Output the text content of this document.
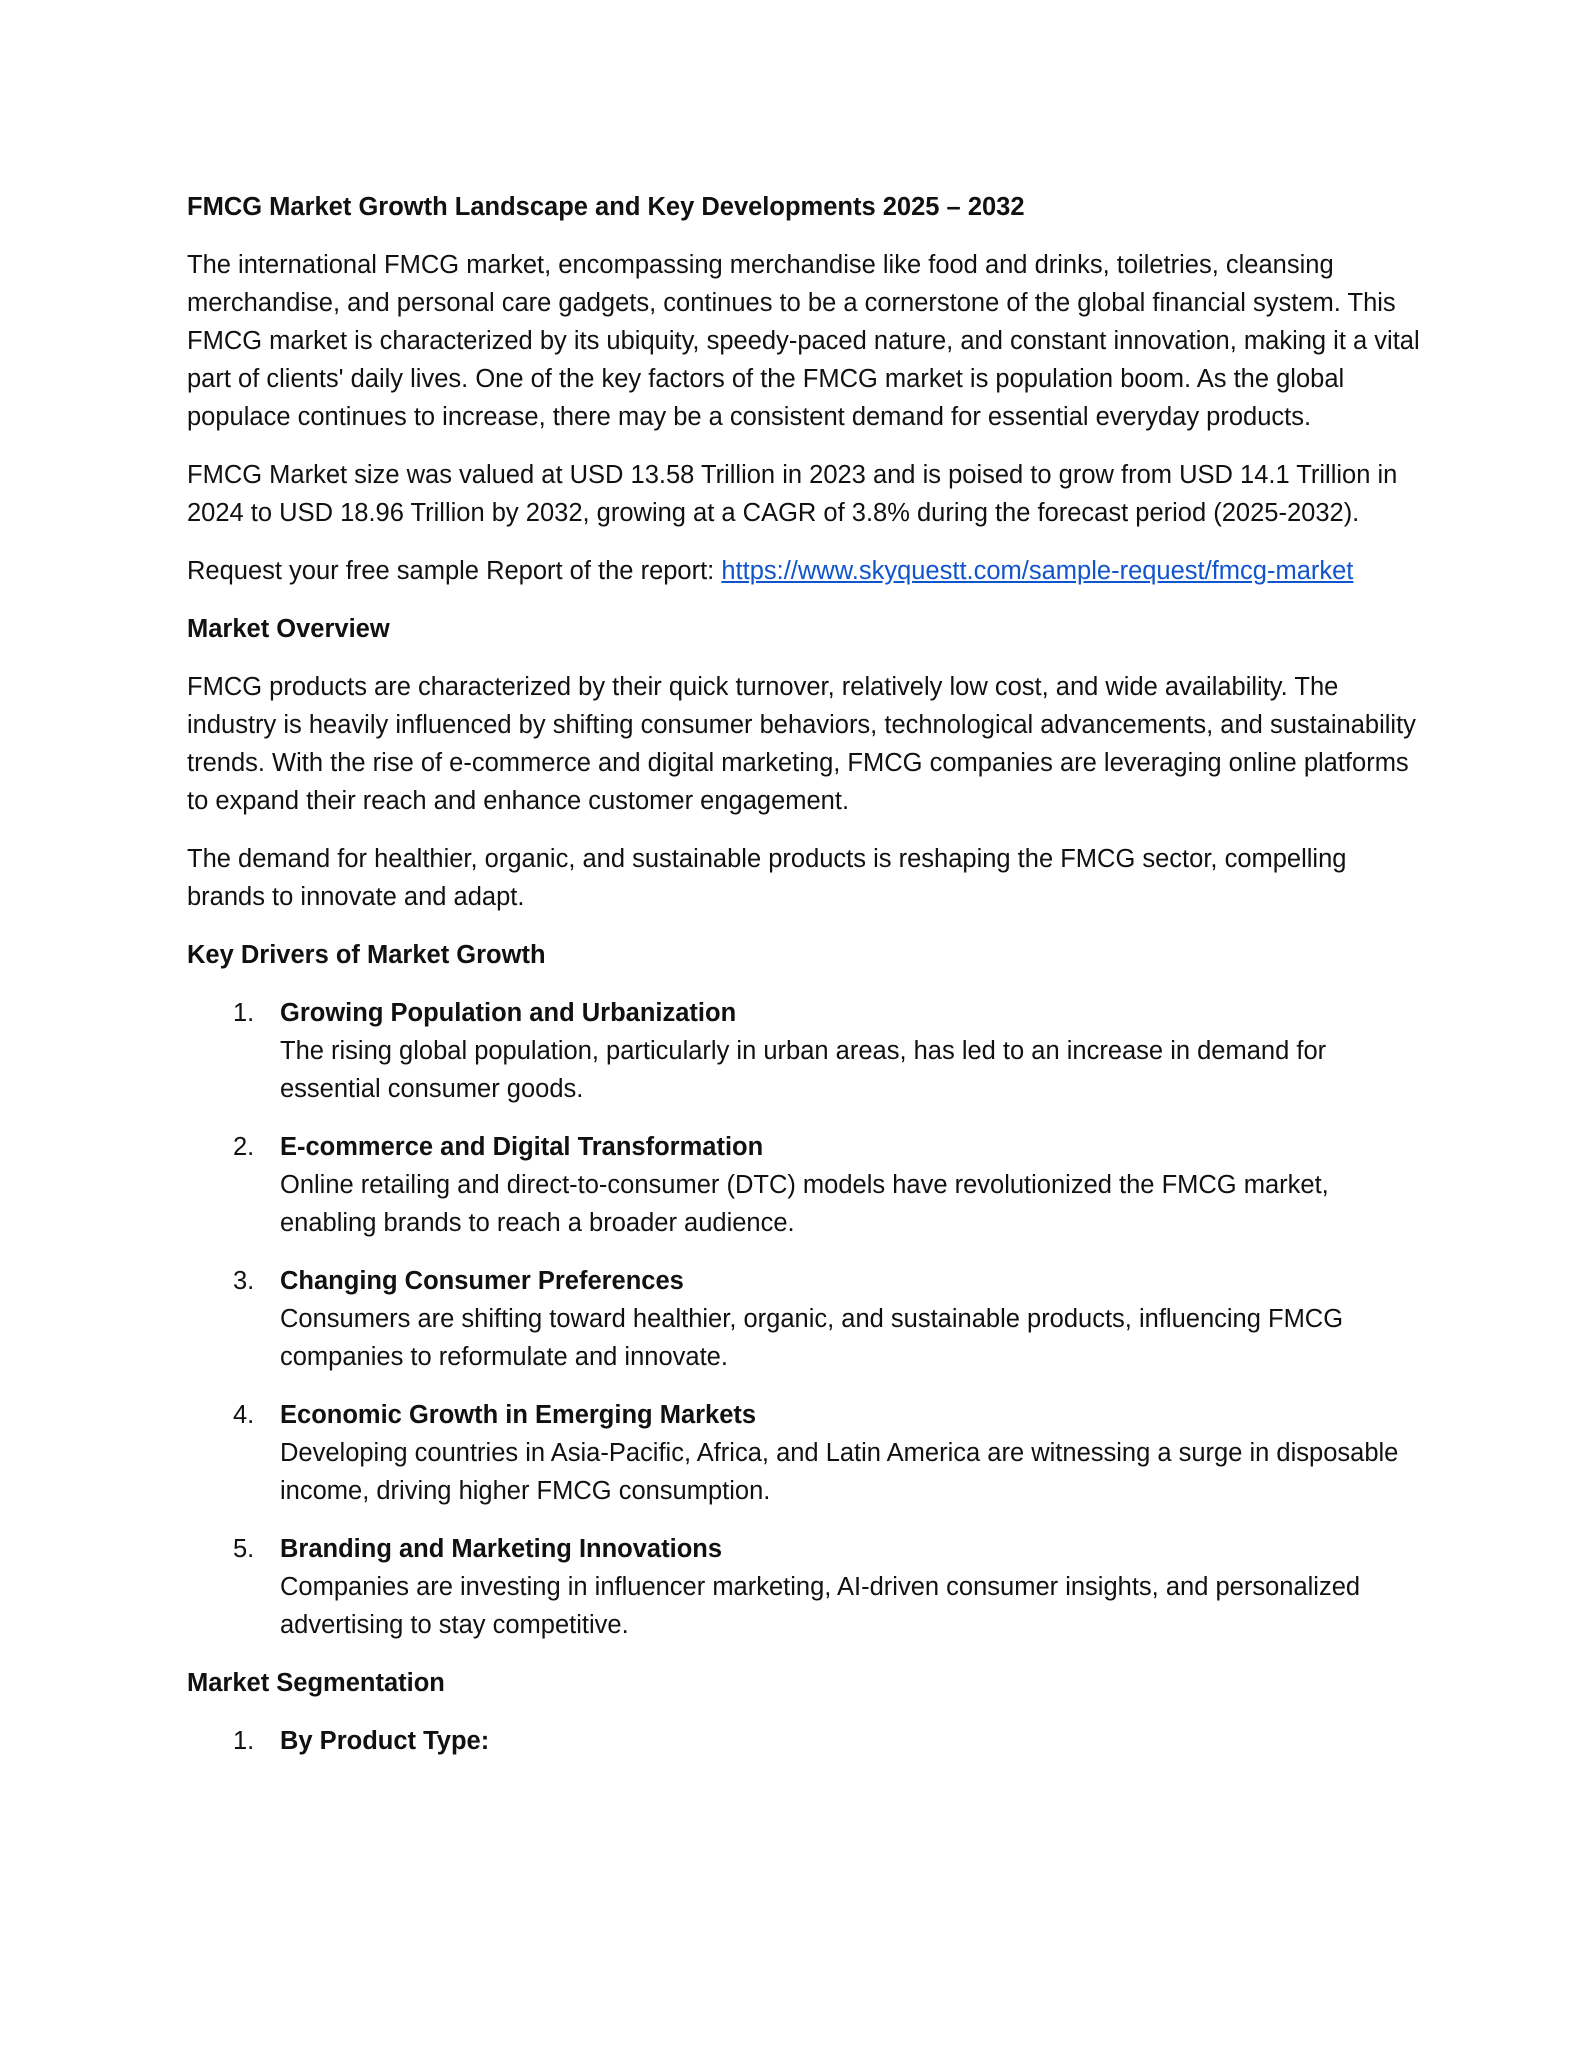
FMCG Market Growth Landscape and Key Developments 2025 – 2032

The international FMCG market, encompassing merchandise like food and drinks, toiletries, cleansing merchandise, and personal care gadgets, continues to be a cornerstone of the global financial system. This FMCG market is characterized by its ubiquity, speedy-paced nature, and constant innovation, making it a vital part of clients' daily lives. One of the key factors of the FMCG market is population boom. As the global populace continues to increase, there may be a consistent demand for essential everyday products.

FMCG Market size was valued at USD 13.58 Trillion in 2023 and is poised to grow from USD 14.1 Trillion in 2024 to USD 18.96 Trillion by 2032, growing at a CAGR of 3.8% during the forecast period (2025-2032).

Request your free sample Report of the report: https://www.skyquestt.com/sample-request/fmcg-market

Market Overview

FMCG products are characterized by their quick turnover, relatively low cost, and wide availability. The industry is heavily influenced by shifting consumer behaviors, technological advancements, and sustainability trends. With the rise of e-commerce and digital marketing, FMCG companies are leveraging online platforms to expand their reach and enhance customer engagement.

The demand for healthier, organic, and sustainable products is reshaping the FMCG sector, compelling brands to innovate and adapt.

Key Drivers of Market Growth
1. Growing Population and Urbanization
The rising global population, particularly in urban areas, has led to an increase in demand for essential consumer goods.
2. E-commerce and Digital Transformation
Online retailing and direct-to-consumer (DTC) models have revolutionized the FMCG market, enabling brands to reach a broader audience.
3. Changing Consumer Preferences
Consumers are shifting toward healthier, organic, and sustainable products, influencing FMCG companies to reformulate and innovate.
4. Economic Growth in Emerging Markets
Developing countries in Asia-Pacific, Africa, and Latin America are witnessing a surge in disposable income, driving higher FMCG consumption.
5. Branding and Marketing Innovations
Companies are investing in influencer marketing, AI-driven consumer insights, and personalized advertising to stay competitive.
Market Segmentation
1. By Product Type:
